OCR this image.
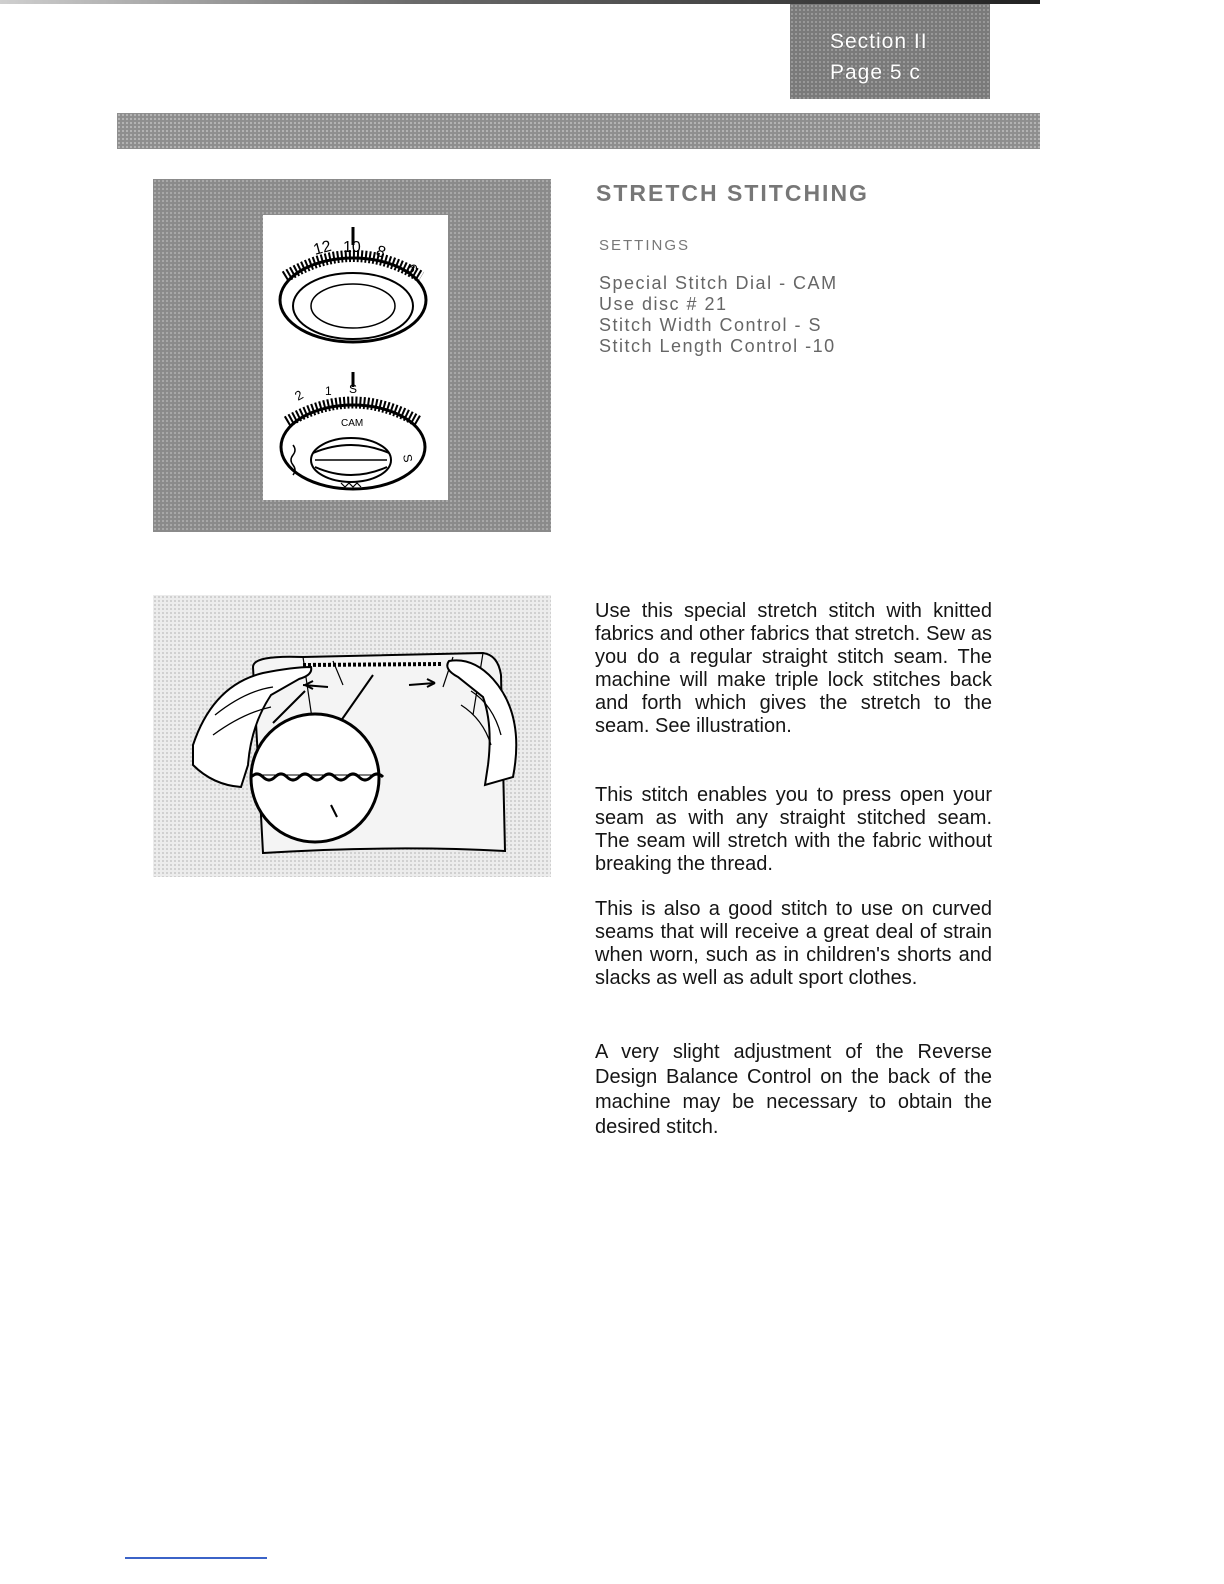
Section II
Page 5 c
12 10 8
6
2 1 S
CAM
S
STRETCH STITCHING
SETTINGS
Special Stitch Dial - CAM
Use disc # 21
Stitch Width Control - S
Stitch Length Control -10
Use this special stretch stitch with knitted fabrics and other fabrics that stretch. Sew as you do a regular straight stitch seam. The machine will make triple lock stitches back and forth which gives the stretch to the seam. See illustration.
This stitch enables you to press open your seam as with any straight stitched seam. The seam will stretch with the fabric without breaking the thread.
This is also a good stitch to use on curved seams that will receive a great deal of strain when worn, such as in children's shorts and slacks as well as adult sport clothes.
A very slight adjustment of the Reverse Design Balance Control on the back of the machine may be necessary to obtain the desired stitch.
